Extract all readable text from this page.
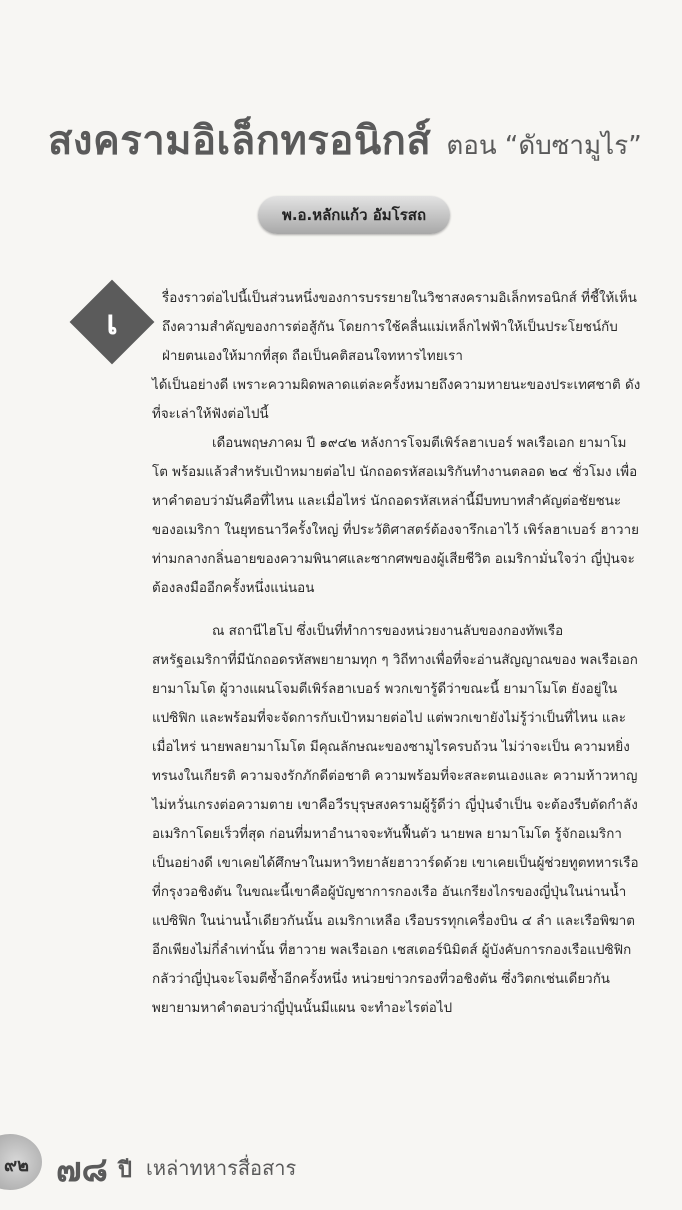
สงครามอิเล็กทรอนิกส์ ตอน “ดับซามูไร”
พ.อ.หลักแก้ว อัมโรสถ
เ
รื่องราวต่อไปนี้เป็นส่วนหนึ่งของการบรรยายในวิชาสงครามอิเล็กทรอนิกส์ ที่ชี้ให้เห็นถึงความสำคัญของการต่อสู้กัน โดยการใช้คลื่นแม่เหล็กไฟฟ้าให้เป็นประโยชน์กับฝ่ายตนเองให้มากที่สุด ถือเป็นคติสอนใจทหารไทยเรา
ได้เป็นอย่างดี เพราะความผิดพลาดแต่ละครั้งหมายถึงความหายนะของประเทศชาติ ดังที่จะเล่าให้ฟังต่อไปนี้
เดือนพฤษภาคม ปี ๑๙๔๒ หลังการโจมตีเพิร์ลฮาเบอร์ พลเรือเอก ยามาโมโต พร้อมแล้วสำหรับเป้าหมายต่อไป นักถอดรหัสอเมริกันทำงานตลอด ๒๔ ชั่วโมง เพื่อหาคำตอบว่ามันคือที่ไหน และเมื่อไหร่ นักถอดรหัสเหล่านี้มีบทบาทสำคัญต่อชัยชนะของอเมริกา ในยุทธนาวีครั้งใหญ่ ที่ประวัติศาสตร์ต้องจารึกเอาไว้ เพิร์ลฮาเบอร์ ฮาวาย ท่ามกลางกลิ่นอายของความพินาศและซากศพของผู้เสียชีวิต อเมริกามั่นใจว่า ญี่ปุ่นจะต้องลงมืออีกครั้งหนึ่งแน่นอน
ณ สถานีไฮโป ซึ่งเป็นที่ทำการของหน่วยงานลับของกองทัพเรือ สหรัฐอเมริกาที่มีนักถอดรหัสพยายามทุก ๆ วิถีทางเพื่อที่จะอ่านสัญญาณของ พลเรือเอก ยามาโมโต ผู้วางแผนโจมตีเพิร์ลฮาเบอร์ พวกเขารู้ดีว่าขณะนี้ ยามาโมโต ยังอยู่ในแปซิฟิก และพร้อมที่จะจัดการกับเป้าหมายต่อไป แต่พวกเขายังไม่รู้ว่าเป็นที่ไหน และเมื่อไหร่ นายพลยามาโมโต มีคุณลักษณะของซามูไรครบถ้วน ไม่ว่าจะเป็น ความหยิ่งทรนงในเกียรติ ความจงรักภักดีต่อชาติ ความพร้อมที่จะสละตนเองและ ความห้าวหาญ ไม่หวั่นเกรงต่อความตาย เขาคือวีรบุรุษสงครามผู้รู้ดีว่า ญี่ปุ่นจำเป็น จะต้องรีบตัดกำลังอเมริกาโดยเร็วที่สุด ก่อนที่มหาอำนาจจะทันฟื้นตัว นายพล ยามาโมโต รู้จักอเมริกาเป็นอย่างดี เขาเคยได้ศึกษาในมหาวิทยาลัยฮาวาร์ดด้วย เขาเคยเป็นผู้ช่วยทูตทหารเรือที่กรุงวอชิงตัน ในขณะนี้เขาคือผู้บัญชาการกองเรือ อันเกรียงไกรของญี่ปุ่นในน่านน้ำแปซิฟิก ในน่านน้ำเดียวกันนั้น อเมริกาเหลือ เรือบรรทุกเครื่องบิน ๔ ลำ และเรือพิฆาตอีกเพียงไม่กี่ลำเท่านั้น ที่ฮาวาย พลเรือเอก เชสเตอร์นิมิตส์ ผู้บังคับการกองเรือแปซิฟิกกลัวว่าญี่ปุ่นจะโจมตีซ้ำอีกครั้งหนึ่ง หน่วยข่าวกรองที่วอชิงตัน ซึ่งวิตกเช่นเดียวกัน พยายามหาคำตอบว่าญี่ปุ่นนั้นมีแผน จะทำอะไรต่อไป
๙๒ ๗๘ ปี เหล่าทหารสื่อสาร
